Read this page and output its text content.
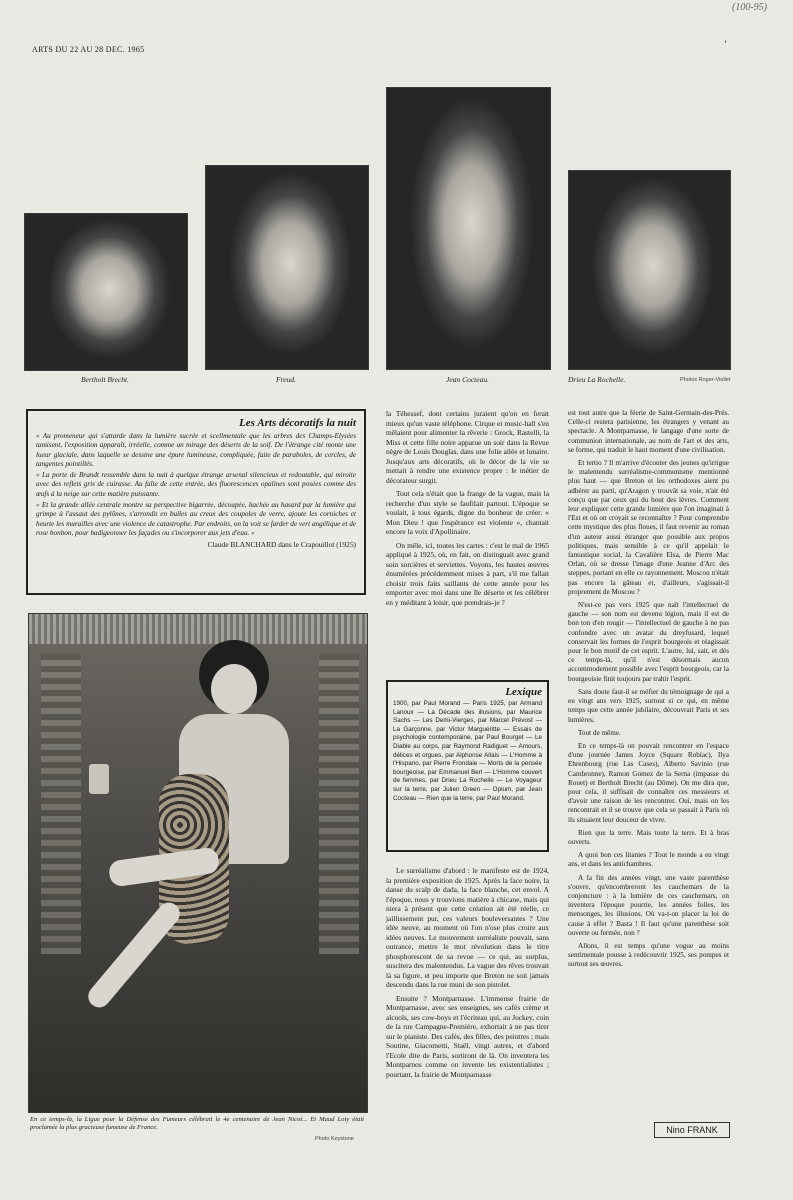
ARTS DU 22 AU 28 DEC. 1965
(100-95)
‘
Bertholt Brecht.	Freud.	Jean Cocteau.	Drieu La Rochelle.	Photos Roger-Viollet
Les Arts décoratifs la nuit

« Au promeneur qui s'attarde dans la lumière sucrée et scellmentale que les arbres des Champs-Elysées tamisent, l'exposition apparaît, irréelle, comme un mirage des déserts de la soif. De l'étrange cité monte une lueur glaciale, dans laquelle se dessine une épure lumineuse, compliquée, faite de paraboles, de cercles, de tangentes pointillés.

« La porte de Brandt ressemble dans la nuit à quelque étrange arsenal silencieux et redoutable, qui miroite avec des reflets gris de cuirasse. Au faîte de cette entrée, des fluorescences opalines sont posées comme des œufs à la neige sur cette matière puissante.

« Et la grande allée centrale montre sa perspective bigarrée, découpée, hachée au hasard par la lumière qui grimpe à l'assaut des pylônes, s'arrondit en bulles au creux des coupoles de verre, ajoute les corniches et heurte les murailles avec une violence de catastrophe. Par endroits, on la voit se farder de vert angélique et de rose bonbon, pour badigeonner les façades ou s'incorporer aux jets d'eau. »

Claude BLANCHARD dans le Crapouillot (1925)
En ce temps-là, la Ligue pour la Défense des Fumeurs célébrait le 4e centenaire de Jean Nicot... Et Maud Loty était proclamée la plus gracieuse fumeuse de France.
Photo Keystone

la Téhessef, dont certains juraient qu'on en ferait mieux qu'un vaste téléphone. Cirque et music-hall s'en mêlaient pour alimenter la rêverie : Grock, Rastelli, la Miss et cette fille noire apparue un soir dans la Revue nègre de Louis Douglas, dans une folie ailée et lunaire. Jusqu'aux arts décoratifs, où le décor de la vie se mettait à rendre une existence propre : le métier de décorateur surgit.

Tout cela n'était que la frange de la vague, mais la recherche d'un style se faufilait partout. L'époque se voulait, à tous égards, digne du bonheur de créer. « Mon Dieu ! que l'espérance est violente », chantait encore la voix d'Apollinaire.

On mêle, ici, toutes les cartes : c'est le mal de 1965 appliqué à 1925, où, en fait, on distinguait avec grand soin sorcières et serviettes. Voyons, les hautes œuvres énumérées précédemment mises à part, s'il me fallait choisir trois faits saillants de cette année pour les emporter avec moi dans une île déserte et les célébrer en y méditant à loisir, que prendrais-je ?

Lexique

1900, par Paul Morand — Paris 1925, par Armand Lanoux — La Décade des illusions, par Maurice Sachs — Les Demi-Vierges, par Marcel Prévost — La Garçonne, par Victor Margueritte — Essais de psychologie contemporaine, par Paul Bourget — Le Diable au corps, par Raymond Radiguet — Amours, délices et orgues, par Alphonse Allais — L'Homme à l'Hispano, par Pierre Frondaie — Morts de la pensée bourgeoise, par Emmanuel Berl — L'Homme couvert de femmes, par Drieu La Rochelle — Le Voyageur sur la terre, par Julien Green — Opium, par Jean Cocteau — Rien que la terre, par Paul Morand.

Le surréalisme d'abord : le manifeste est de 1924, la première exposition de 1925. Après la face noire, la danse du scalp de dada, la face blanche, cet envol. A l'époque, nous y trouvions matière à chicane, mais qui niera à présent que cette création ait été réelle, ce jaillissement pur, ces valeurs bouleversantes ? Une idée neuve, au moment où l'on n'ose plus croire aux idées neuves. Le mouvement surréaliste pouvait, sans outrance, mettre le mot révolution dans le titre phosphorescent de sa revue — ce qui, au surplus, suscitera des malentendus. La vague des rêves trouvait là sa figure, et peu importe que Breton ne soit jamais descendu dans la rue muni de son pistolet.

Ensuite ? Montparnasse. L'immense frairie de Montparnasse, avec ses enseignes, ses cafés crème et alcools, ses cow-boys et l'écriteau qui, au Jockey, coin de la rue Campagne-Première, exhortait à ne pas tirer sur le pianiste. Des cafés, des filles, des peintres ; mais Soutine, Giacometti, Staël, vingt autres, et d'abord l'Ecole dite de Paris, sortiront de là. On inventera les Montparnos comme on invente les existentialistes ; pourtant, la frairie de Montparnasse

est tout autre que la féerie de Saint-Germain-des-Prés. Celle-ci restera parisienne, les étrangers y venant au spectacle. A Montparnasse, le langage d'une sorte de communion internationale, au nom de l'art et des arts, se forme, qui traduit le haut moment d'une civilisation.

Et tertio ? Il m'arrive d'écouter des jeunes qu'irrigue le malentendu surréalisme-communisme mentionné plus haut — que Breton et les orthodoxes aient pu adhérer au parti, qu'Aragon y trouvât sa voie, n'ait été conçu que par ceux qui du bout des lèvres. Comment leur expliquer cette grande lumière que l'on imaginait à l'Est et où on croyait se reconnaître ? Pour comprendre cette mystique des plus floues, il faut revenir au roman d'un auteur aussi étranger que possible aux propos politiques, mais sensible à ce qu'il appelait le fantastique social, la Cavalière Elsa, de Pierre Mac Orlan, où se dresse l'image d'une Jeanne d'Arc des steppes, portant en elle ce rayonnement. Moscou n'était pas encore la gâteau et, d'ailleurs, s'agissait-il proprement de Moscou ?

N'est-ce pas vers 1925 que naît l'intellectuel de gauche — son nom est devenu légion, mais il est de bon ton d'en rougir — l'intellectuel de gauche à ne pas confondre avec un avatar du dreyfusard, lequel conservait les formes de l'esprit bourgeois et réagissait pour le bon motif de cet esprit. L'autre, lui, sait, et dès ce temps-là, qu'il n'est désormais aucun accommodement possible avec l'esprit bourgeois, car la bourgeoisie finit toujours par trahir l'esprit.

Sans doute faut-il se méfier du témoignage de qui a eu vingt ans vers 1925, surtout si ce qui, en même temps que cette année jubilaire, découvrait Paris et ses lumières.

Tout de même.

En ce temps-là on pouvait rencontrer en l'espace d'une journée James Joyce (Square Robiac), Ilya Ehrenbourg (rue Las Cases), Alberto Savinio (rue Cambronne), Ramon Gomez de la Serna (impasse du Rouet) et Bertholt Brecht (au Dôme). On me dira que, pour cela, il suffisait de connaître ces messieurs et d'avoir une raison de les rencontrer. Oui, mais on les rencontrait et il se trouve que cela se passait à Paris où ils situaient leur douceur de vivre.

Rien que la terre. Mais toute la terre. Et à bras ouverts.

A quoi bon ces litanies ? Tout le monde a eu vingt ans, et dans les antichambres.

A la fin des années vingt, une vaste parenthèse s'ouvre, qu'encombreront les cauchemars de la conjoncture : à la lumière de ces cauchemars, on inventera l'époque pourrie, les années folles, les mensonges, les illusions. Où va-t-on placer la loi de cause à effet ? Basta ! Il faut qu'une parenthèse soit ouverte ou fermée, non ?

Allons, il est temps qu'une vogue au moins sentimentale pousse à redécouvrir 1925, ses pompes et surtout ses œuvres.

Nino FRANK
